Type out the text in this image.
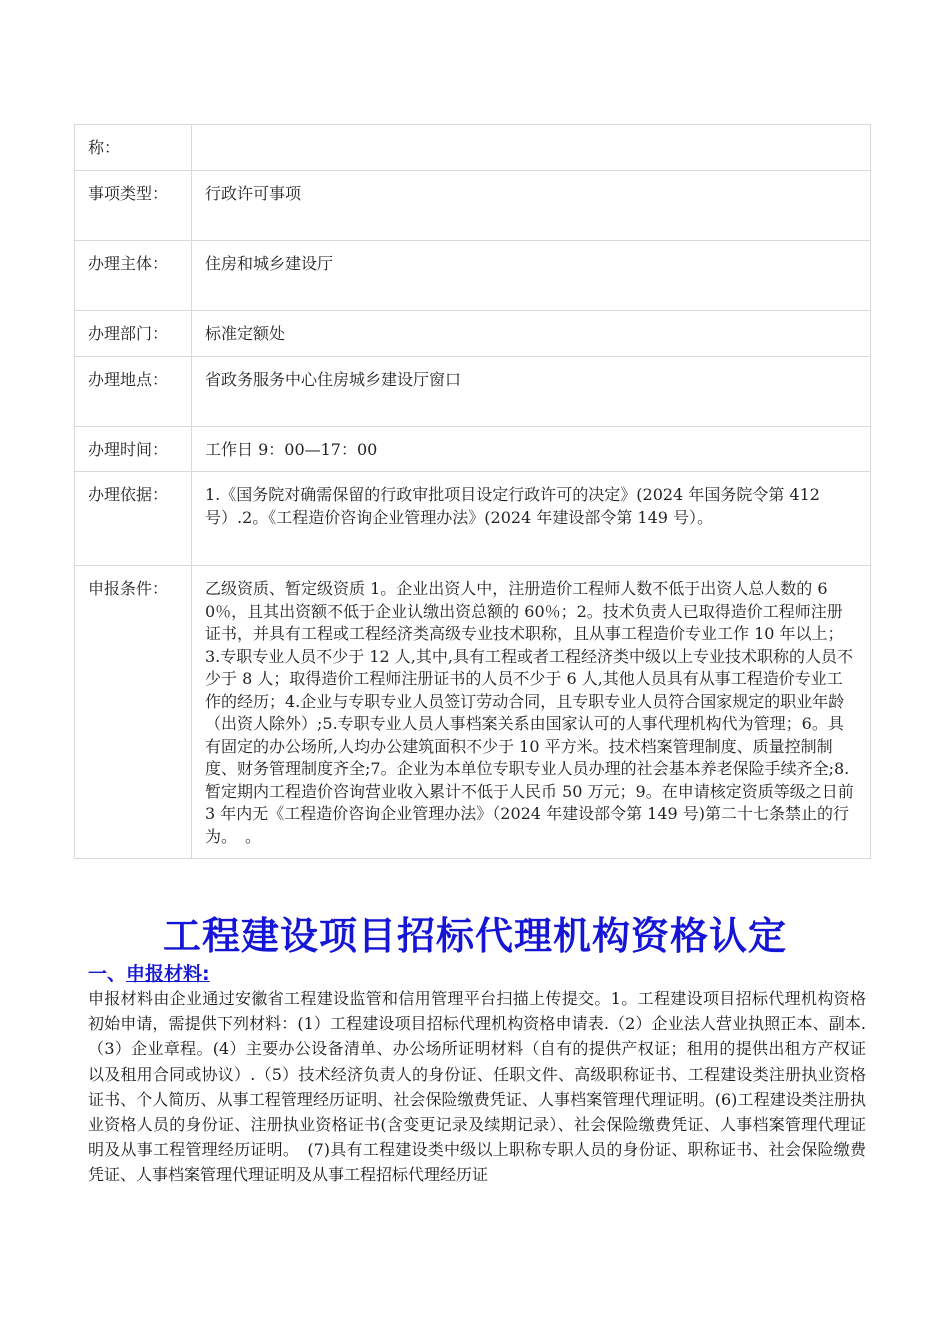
称：	
事项类型：	行政许可事项
办理主体：	住房和城乡建设厅
办理部门：	标准定额处
办理地点：	省政务服务中心住房城乡建设厅窗口
办理时间：	工作日 9：00—17：00
办理依据：	1.《国务院对确需保留的行政审批项目设定行政许可的决定》(2024 年国务院令第 412 号）.2。《工程造价咨询企业管理办法》(2024 年建设部令第 149 号）。
申报条件：	乙级资质、暂定级资质 1。企业出资人中，注册造价工程师人数不低于出资人总人数的 60％，且其出资额不低于企业认缴出资总额的 60％；2。技术负责人已取得造价工程师注册证书，并具有工程或工程经济类高级专业技术职称，且从事工程造价专业工作 10 年以上；3.专职专业人员不少于 12 人,其中,具有工程或者工程经济类中级以上专业技术职称的人员不少于 8 人；取得造价工程师注册证书的人员不少于 6 人,其他人员具有从事工程造价专业工作的经历；4.企业与专职专业人员签订劳动合同，且专职专业人员符合国家规定的职业年龄（出资人除外）;5.专职专业人员人事档案关系由国家认可的人事代理机构代为管理；6。具有固定的办公场所,人均办公建筑面积不少于 10 平方米。技术档案管理制度、质量控制制度、财务管理制度齐全;7。企业为本单位专职专业人员办理的社会基本养老保险手续齐全;8.暂定期内工程造价咨询营业收入累计不低于人民币 50 万元；9。在申请核定资质等级之日前 3 年内无《工程造价咨询企业管理办法》（2024 年建设部令第 149 号)第二十七条禁止的行为。　。
工程建设项目招标代理机构资格认定
一、申报材料:

申报材料由企业通过安徽省工程建设监管和信用管理平台扫描上传提交。1。工程建设项目招标代理机构资格初始申请，需提供下列材料：(1）工程建设项目招标代理机构资格申请表.（2）企业法人营业执照正本、副本.（3）企业章程。(4）主要办公设备清单、办公场所证明材料（自有的提供产权证；租用的提供出租方产权证以及租用合同或协议）.（5）技术经济负责人的身份证、任职文件、高级职称证书、工程建设类注册执业资格证书、个人简历、从事工程管理经历证明、社会保险缴费凭证、人事档案管理代理证明。(6)工程建设类注册执业资格人员的身份证、注册执业资格证书(含变更记录及续期记录）、社会保险缴费凭证、人事档案管理代理证明及从事工程管理经历证明。　(7)具有工程建设类中级以上职称专职人员的身份证、职称证书、社会保险缴费凭证、人事档案管理代理证明及从事工程招标代理经历证
